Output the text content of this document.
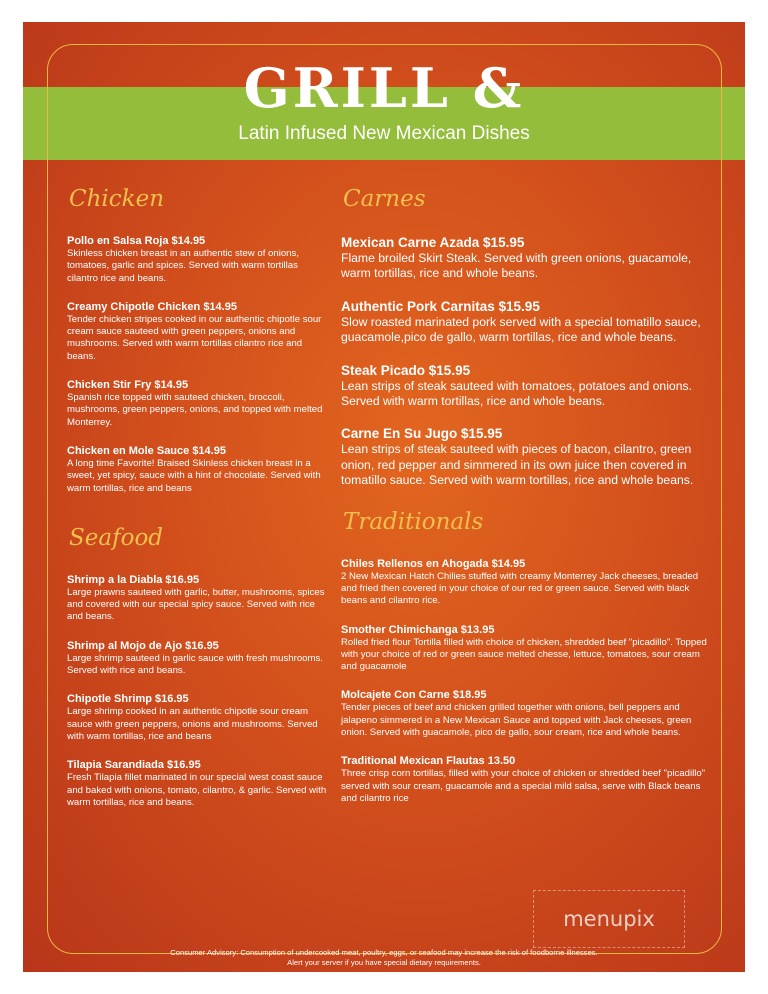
GRILL &
Latin Infused New Mexican Dishes
Chicken
Pollo en Salsa Roja $14.95
Skinless chicken breast in an authentic stew of onions, tomatoes, garlic and spices. Served with warm tortillas cilantro rice and beans.
Creamy Chipotle Chicken $14.95
Tender chicken stripes cooked in our authentic chipotle sour cream sauce sauteed with green peppers, onions and mushrooms. Served with warm tortillas cilantro rice and beans.
Chicken Stir Fry $14.95
Spanish rice topped with sauteed chicken, broccoli, mushrooms, green peppers, onions, and topped with melted Monterrey.
Chicken en Mole Sauce $14.95
A long time Favorite! Braised Skinless chicken breast in a sweet, yet spicy, sauce with a hint of chocolate. Served with warm tortillas, rice and beans
Seafood
Shrimp a la Diabla $16.95
Large prawns sauteed with garlic, butter, mushrooms, spices and covered with our special spicy sauce. Served with rice and beans.
Shrimp al Mojo de Ajo $16.95
Large shrimp sauteed in garlic sauce with fresh mushrooms. Served with rice and beans.
Chipotle Shrimp $16.95
Large shrimp cooked in an authentic chipotle sour cream sauce with green peppers, onions and mushrooms. Served with warm tortillas, rice and beans
Tilapia Sarandiada $16.95
Fresh Tilapia fillet marinated in our special west coast sauce and baked with onions, tomato, cilantro, & garlic. Served with warm tortillas, rice and beans.
Carnes
Mexican Carne Azada $15.95
Flame broiled Skirt Steak. Served with green onions, guacamole, warm tortillas, rice and whole beans.
Authentic Pork Carnitas $15.95
Slow roasted marinated pork served with a special tomatillo sauce, guacamole,pico de gallo, warm tortillas, rice and whole beans.
Steak Picado $15.95
Lean strips of steak sauteed with tomatoes, potatoes and onions. Served with warm tortillas, rice and whole beans.
Carne En Su Jugo $15.95
Lean strips of steak sauteed with pieces of bacon, cilantro, green onion, red pepper and simmered in its own juice then covered in tomatillo sauce. Served with warm tortillas, rice and whole beans.
Traditionals
Chiles Rellenos en Ahogada $14.95
2 New Mexican Hatch Chilies stuffed with creamy Monterrey Jack cheeses, breaded and fried then covered in your choice of our red or green sauce. Served with black beans and cilantro rice.
Smother Chimichanga $13.95
Rolled fried flour Tortilla filled with choice of chicken, shredded beef "picadillo". Topped with your choice of red or green sauce melted chesse, lettuce, tomatoes, sour cream and guacamole
Molcajete Con Carne $18.95
Tender pieces of beef and chicken grilled together with onions, bell peppers and jalapeno simmered in a New Mexican Sauce and topped with Jack cheeses, green onion. Served with guacamole, pico de gallo, sour cream, rice and whole beans.
Traditional Mexican Flautas 13.50
Three crisp corn tortillas, filled with your choice of chicken or shredded beef "picadillo" served with sour cream, guacamole and a special mild salsa, serve with Black beans and cilantro rice
menupix
Consumer Advisory: Consumption of undercooked meat, poultry, eggs, or seafood may increase the risk of foodborne illnesses.
Alert your server if you have special dietary requirements.
